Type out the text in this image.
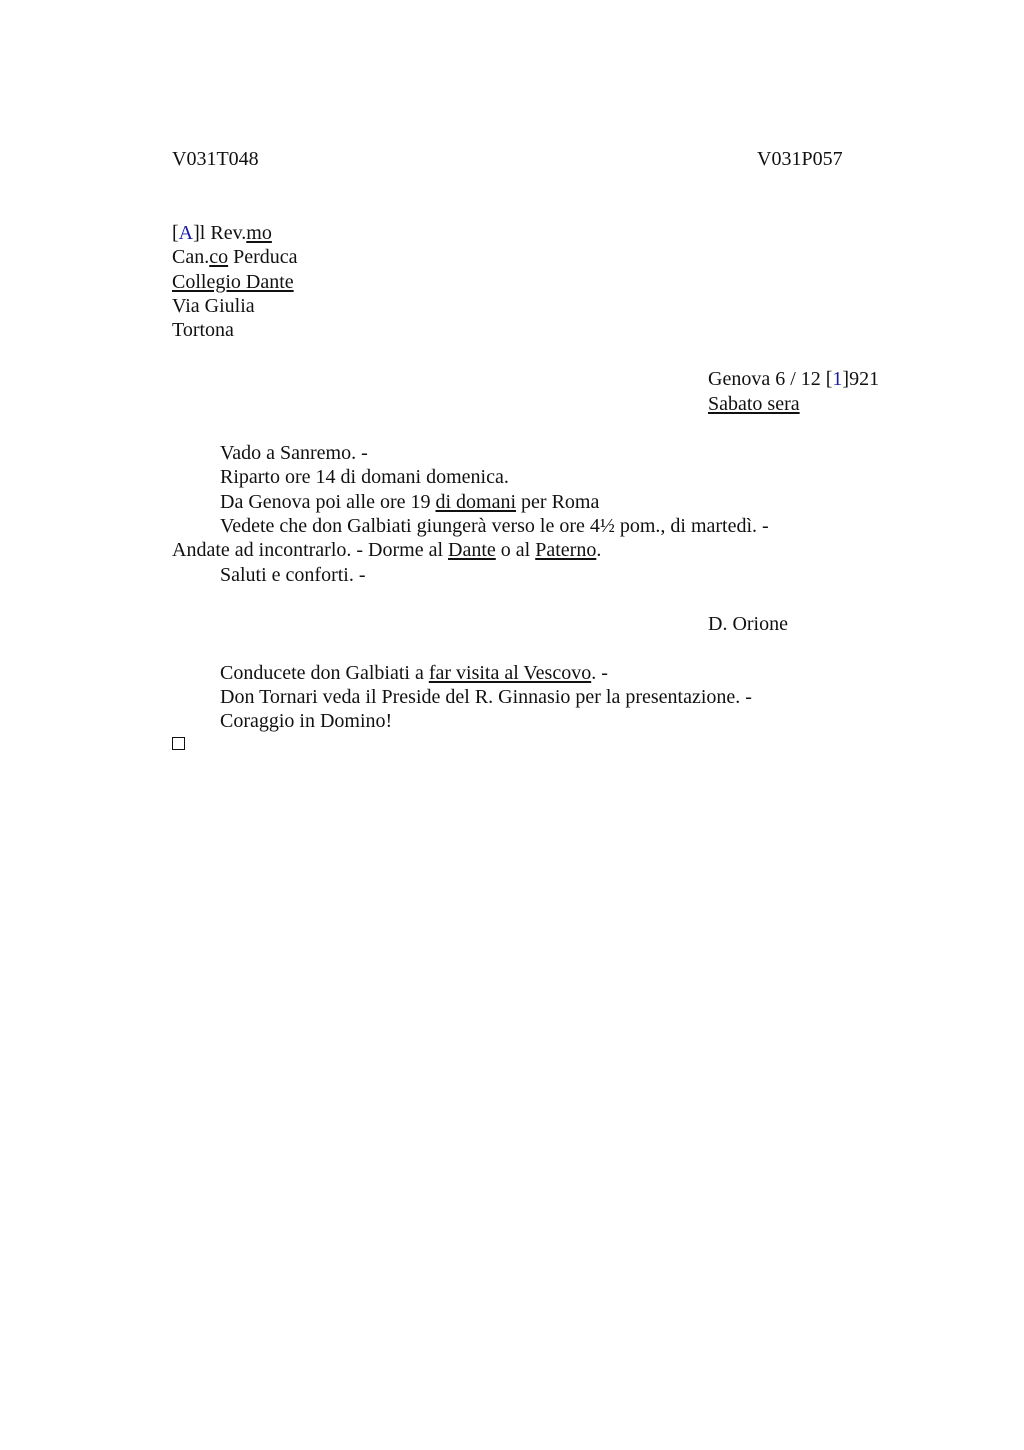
V031T048	V031P057
[A]l Rev.mo
Can.co Perduca
Collegio Dante
Via Giulia
Tortona
Genova 6 / 12 [1]921
Sabato sera
Vado a Sanremo. -
Riparto ore 14 di domani domenica.
Da Genova poi alle ore 19 di domani per Roma
Vedete che don Galbiati giungerà verso le ore 4½ pom., di martedì. -
Andate ad incontrarlo. - Dorme al Dante o al Paterno.
Saluti e conforti. -
D. Orione
Conducete don Galbiati a far visita al Vescovo. -
Don Tornari veda il Preside del R. Ginnasio per la presentazione. -
Coraggio in Domino!
